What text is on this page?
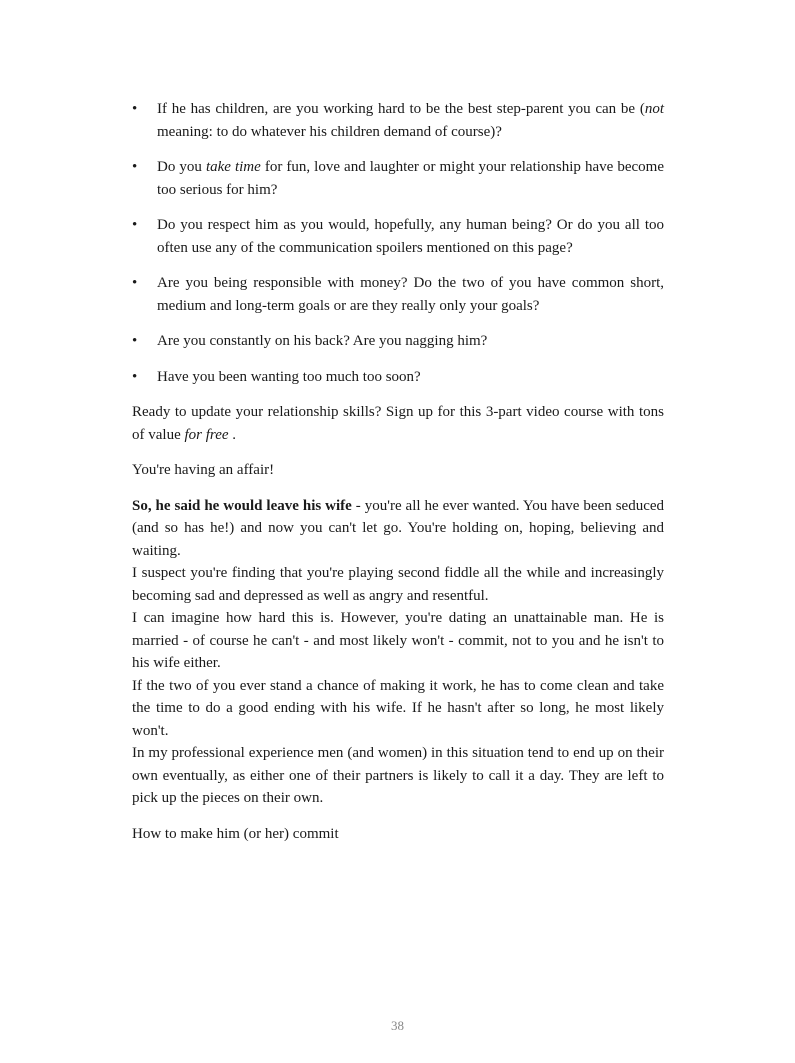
• If he has children, are you working hard to be the best step-parent you can be (not meaning: to do whatever his children demand of course)?
• Do you take time for fun, love and laughter or might your relationship have become too serious for him?
• Do you respect him as you would, hopefully, any human being? Or do you all too often use any of the communication spoilers mentioned on this page?
• Are you being responsible with money? Do the two of you have common short, medium and long-term goals or are they really only your goals?
• Are you constantly on his back? Are you nagging him?
• Have you been wanting too much too soon?

Ready to update your relationship skills? Sign up for this 3-part video course with tons of value for free .

You're having an affair!

So, he said he would leave his wife - you're all he ever wanted. You have been seduced (and so has he!) and now you can't let go. You're holding on, hoping, believing and waiting.

I suspect you're finding that you're playing second fiddle all the while and increasingly becoming sad and depressed as well as angry and resentful.

I can imagine how hard this is. However, you're dating an unattainable man. He is married - of course he can't - and most likely won't - commit, not to you and he isn't to his wife either.

If the two of you ever stand a chance of making it work, he has to come clean and take the time to do a good ending with his wife. If he hasn't after so long, he most likely won't.

In my professional experience men (and women) in this situation tend to end up on their own eventually, as either one of their partners is likely to call it a day. They are left to pick up the pieces on their own.

How to make him (or her) commit

38
